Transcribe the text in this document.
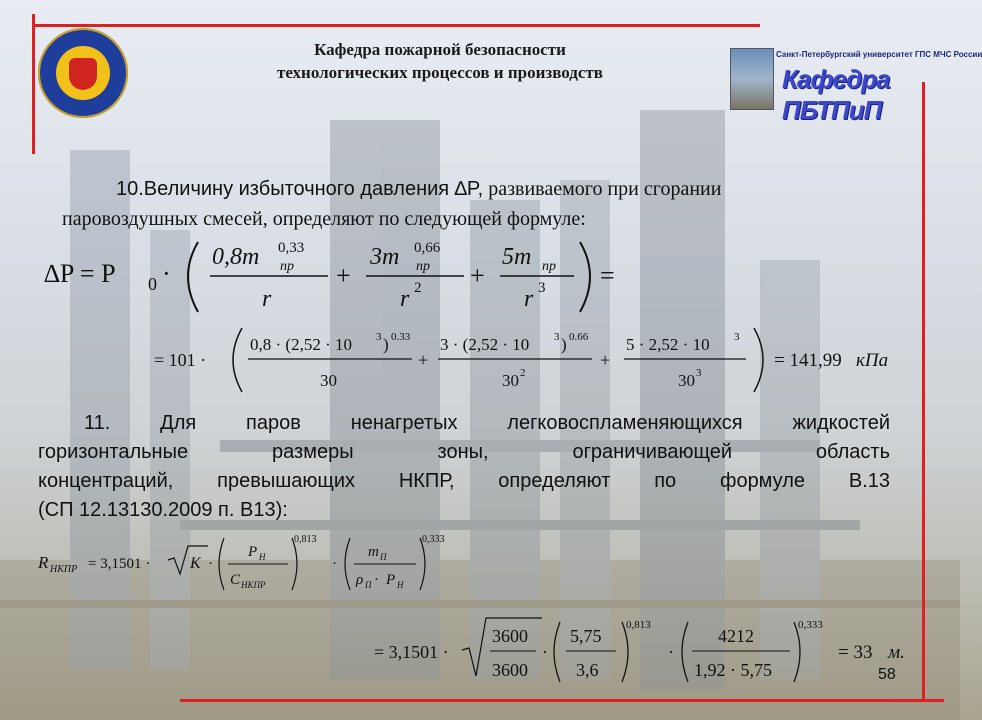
Кафедра пожарной безопасности
технологических процессов и производств
Санкт-Петербургский университет ГПС МЧС России
Кафедра ПБТПиП
10.Величину избыточного давления ∆P, развиваемого при сгорании
паровоздушных смесей, определяют по следующей формуле:
∆P = P 0 ·
0,8m 0,33
пр
r
+
3m 0,66
пр
r 2 +
5m пр
r 3 =
= 101 ·
0,8 · (2,52 · 10 3 ) 0.33
30
+
3 · (2,52 · 10 3 ) 0.66
30 2
+
5 · 2,52 · 10 3
30 3
= 141,99 кПа
11. Для паров ненагретых легковоспламеняющихся жидкостей
горизонтальные размеры зоны, ограничивающей область
концентраций, превышающих НКПР, определяют по формуле В.13
(СП 12.13130.2009 п. В13):
R НКПР = 3,1501 · K ·
P Н
C НКПР
0,813
·
m П
ρ П · P Н
0,333
= 3,1501 ·
3600
3600
·
5,75
3,6
0,813
·
4212
1,92 · 5,75
0,333
= 33 м.
58
